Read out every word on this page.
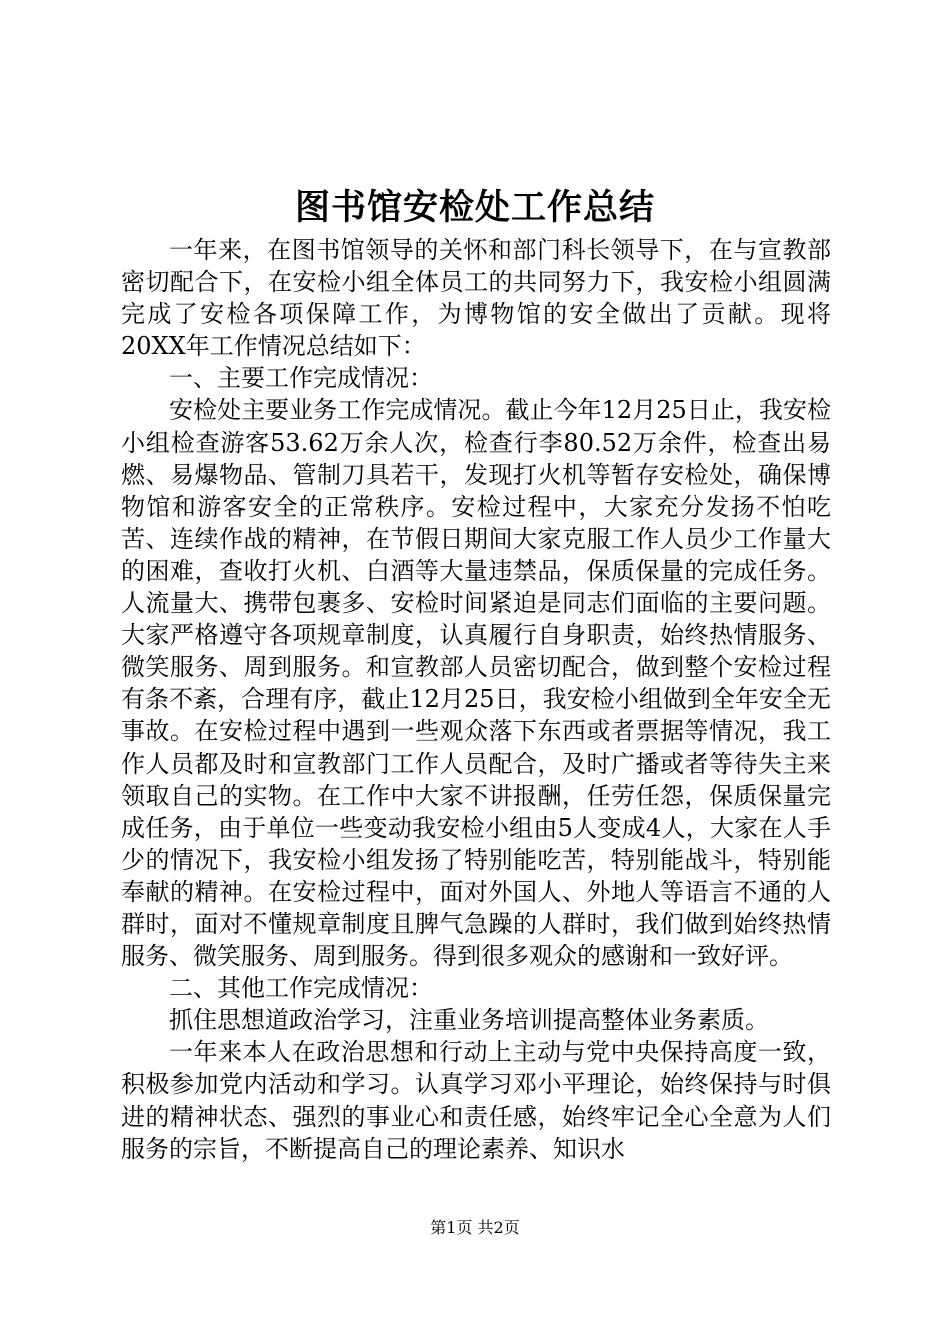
图书馆安检处工作总结

一年来，在图书馆领导的关怀和部门科长领导下，在与宣教部密切配合下，在安检小组全体员工的共同努力下，我安检小组圆满完成了安检各项保障工作，为博物馆的安全做出了贡献。现将20XX年工作情况总结如下：

一、主要工作完成情况：

安检处主要业务工作完成情况。截止今年12月25日止，我安检小组检查游客53.62万余人次，检查行李80.52万余件，检查出易燃、易爆物品、管制刀具若干，发现打火机等暂存安检处，确保博物馆和游客安全的正常秩序。安检过程中，大家充分发扬不怕吃苦、连续作战的精神，在节假日期间大家克服工作人员少工作量大的困难，查收打火机、白酒等大量违禁品，保质保量的完成任务。人流量大、携带包裹多、安检时间紧迫是同志们面临的主要问题。大家严格遵守各项规章制度，认真履行自身职责，始终热情服务、微笑服务、周到服务。和宣教部人员密切配合，做到整个安检过程有条不紊，合理有序，截止12月25日，我安检小组做到全年安全无事故。在安检过程中遇到一些观众落下东西或者票据等情况，我工作人员都及时和宣教部门工作人员配合，及时广播或者等待失主来领取自己的实物。在工作中大家不讲报酬，任劳任怨，保质保量完成任务，由于单位一些变动我安检小组由5人变成4人，大家在人手少的情况下，我安检小组发扬了特别能吃苦，特别能战斗，特别能奉献的精神。在安检过程中，面对外国人、外地人等语言不通的人群时，面对不懂规章制度且脾气急躁的人群时，我们做到始终热情服务、微笑服务、周到服务。得到很多观众的感谢和一致好评。

二、其他工作完成情况：

抓住思想道政治学习，注重业务培训提高整体业务素质。

一年来本人在政治思想和行动上主动与党中央保持高度一致，积极参加党内活动和学习。认真学习邓小平理论，始终保持与时俱进的精神状态、强烈的事业心和责任感，始终牢记全心全意为人们服务的宗旨，不断提高自己的理论素养、知识水

第1页 共2页
